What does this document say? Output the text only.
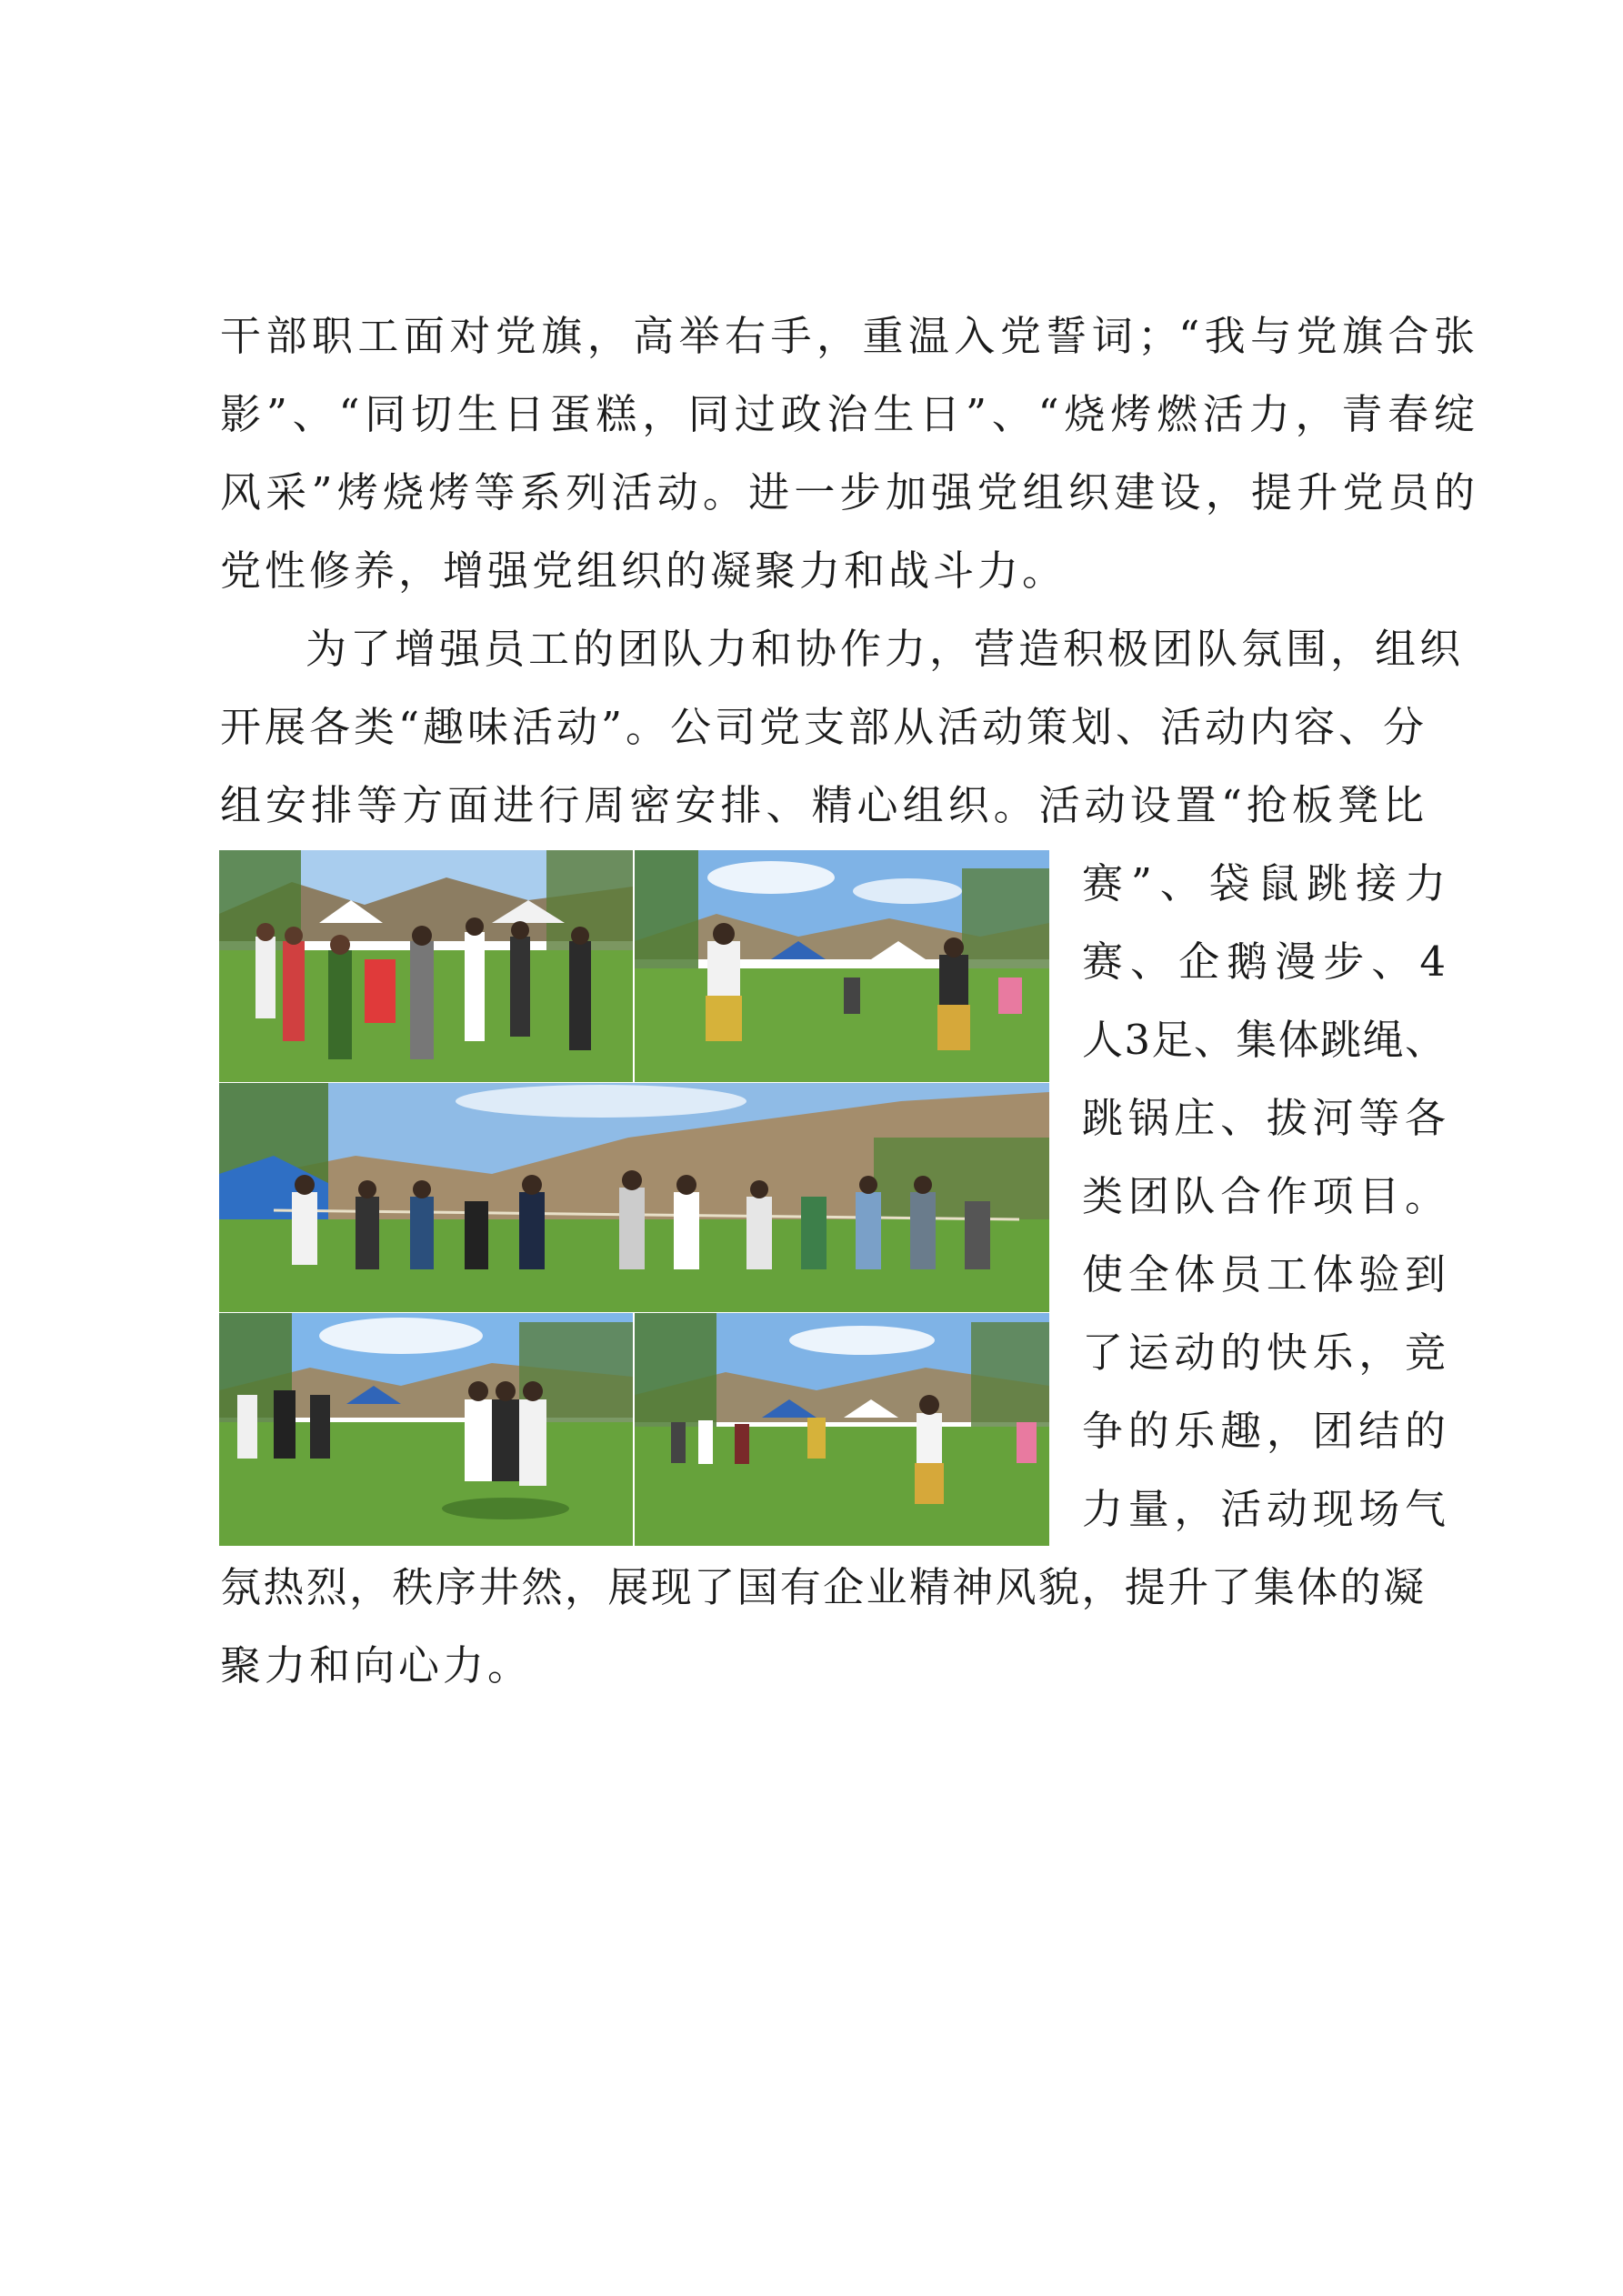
干部职工面对党旗，高举右手，重温入党誓词；“我与党旗合张
影”、“同切生日蛋糕，同过政治生日”、“烧烤燃活力，青春绽
风采”烤烧烤等系列活动。进一步加强党组织建设，提升党员的
党性修养，增强党组织的凝聚力和战斗力。
为了增强员工的团队力和协作力，营造积极团队氛围，组织
开展各类“趣味活动”。公司党支部从活动策划、活动内容、分
组安排等方面进行周密安排、精心组织。活动设置“抢板凳比
赛”、袋鼠跳接力
赛、企鹅漫步、4
人3足、集体跳绳、
跳锅庄、拔河等各
类团队合作项目。
使全体员工体验到
了运动的快乐，竞
争的乐趣，团结的
力量，活动现场气
氛热烈，秩序井然，展现了国有企业精神风貌，提升了集体的凝
聚力和向心力。
